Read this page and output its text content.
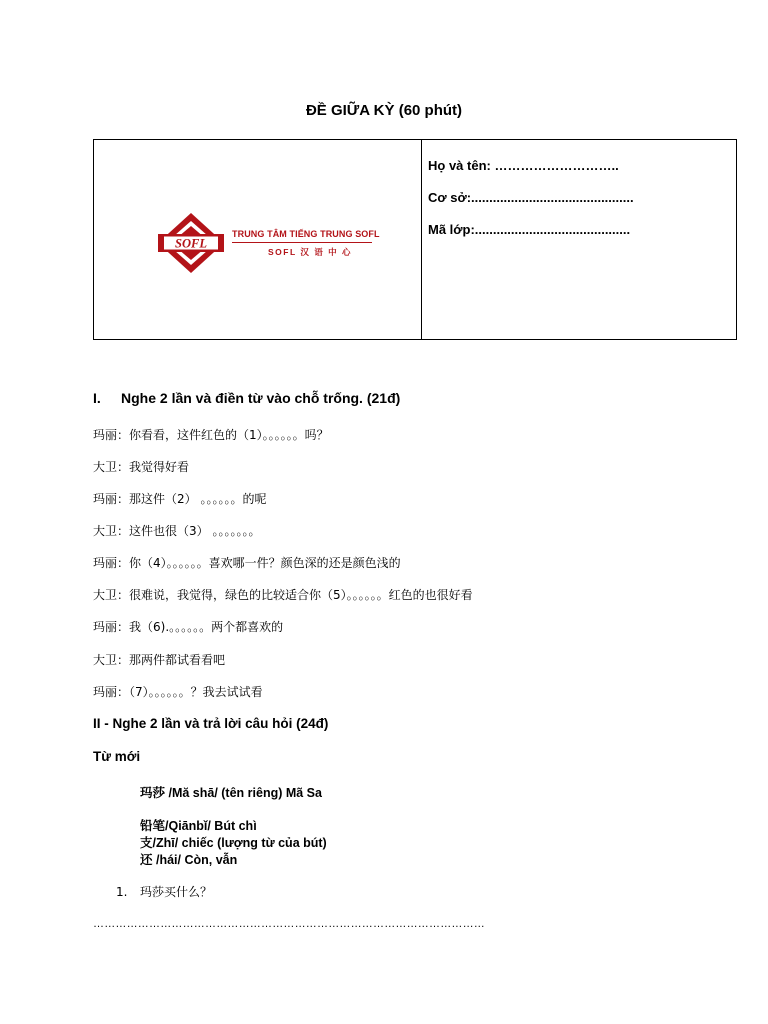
ĐỀ GIỮA KỲ (60 phút)
SOFL
TRUNG TÂM TIẾNG TRUNG SOFL
SOFL 汉 语 中 心
Họ và tên: ………………………..
Cơ sở:.............................................
Mã lớp:...........................................
I. Nghe 2 lần và điền từ vào chỗ trống. (21đ)
玛丽：你看看，这件红色的（1）。。。。。。吗？
大卫：我觉得好看
玛丽：那这件（2） 。。。。。。的呢
大卫：这件也很（3） 。。。。。。。
玛丽：你（4）。。。。。。喜欢哪一件？颜色深的还是颜色浅的
大卫：很难说，我觉得，绿色的比较适合你（5）。。。。。。红色的也很好看
玛丽：我（6).。。。。。。两个都喜欢的
大卫：那两件都试看看吧
玛丽：（7）。。。。。。？我去试试看
II - Nghe 2 lần và trả lời câu hỏi (24đ)
Từ mới
玛莎 /Mă shā/ (tên riêng) Mã Sa
铅笔/Qiānbǐ/ Bút chì
支/Zhī/ chiếc (lượng từ của bút)
还 /hái/ Còn, vẫn
1. 玛莎买什么？
……………………………………………………………………………………………
